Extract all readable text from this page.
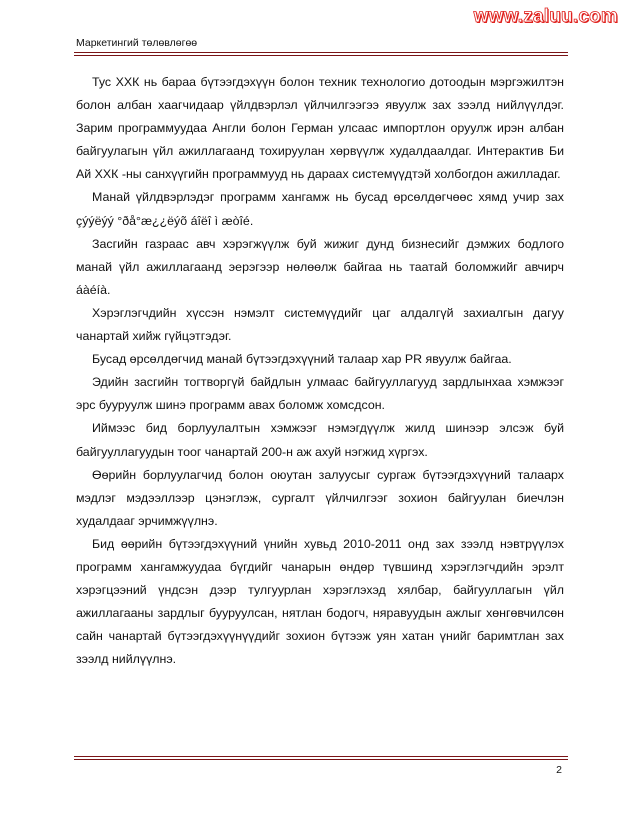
www.zaluu.com
Маркетингий төлөвлөгөө

Тус ХХК нь бараа бүтээгдэхүүн болон техник технологио дотоодын мэргэжилтэн болон албан хаагчидаар үйлдвэрлэл үйлчилгээгээ явуулж зах зээлд нийлүүлдэг. Зарим программуудаа Англи болон Герман улсаас импортлон оруулж ирэн албан байгуулагын үйл ажиллагаанд тохируулан хөрвүүлж худалдаалдаг. Интерактив Би Ай ХХК -ны санхүүгийн программууд нь дараах системүүдтэй холбогдон ажилладаг.

Манай үйлдвэрлэдэг программ хангамж нь бусад өрсөлдөгчөөс хямд учир зах çýýëýý °ðå°æ¿¿ëýõ áîëî ì æòîé.

Засгийн газраас авч хэрэгжүүлж буй жижиг дунд бизнесийг дэмжих бодлого манай үйл ажиллагаанд эерэгээр нөлөөлж байгаа нь таатай боломжийг авчирч áàéíà.

Хэрэглэгчдийн хүссэн нэмэлт системүүдийг цаг алдалгүй захиалгын дагуу чанартай хийж гүйцэтгэдэг.

Бусад өрсөлдөгчид манай бүтээгдэхүүний талаар хар PR явуулж байгаа.

Эдийн засгийн тогтворгүй байдлын улмаас байгууллагууд зардлынхаа хэмжээг эрс бууруулж шинэ программ авах боломж хомсдсон.

Иймээс бид борлуулалтын хэмжээг нэмэгдүүлж жилд шинээр элсэж буй байгууллагуудын тоог чанартай 200-н аж ахуй нэгжид хүргэх.

Өөрийн борлуулагчид болон оюутан залуусыг сургаж бүтээгдэхүүний талаарх мэдлэг мэдээллээр цэнэглэж, сургалт үйлчилгээг зохион байгуулан биечлэн худалдааг эрчимжүүлнэ.

Бид өөрийн бүтээгдэхүүний үнийн хувьд 2010-2011 онд зах зээлд нэвтрүүлэх программ хангамжуудаа бүгдийг чанарын өндөр түвшинд хэрэглэгчдийн эрэлт хэрэгцээний үндсэн дээр тулгуурлан хэрэглэхэд хялбар, байгууллагын үйл ажиллагааны зардлыг бууруулсан, нятлан бодогч, няравуудын ажлыг хөнгөвчилсөн сайн чанартай бүтээгдэхүүнүүдийг зохион бүтээж уян хатан үнийг баримтлан зах зээлд нийлүүлнэ.

2
